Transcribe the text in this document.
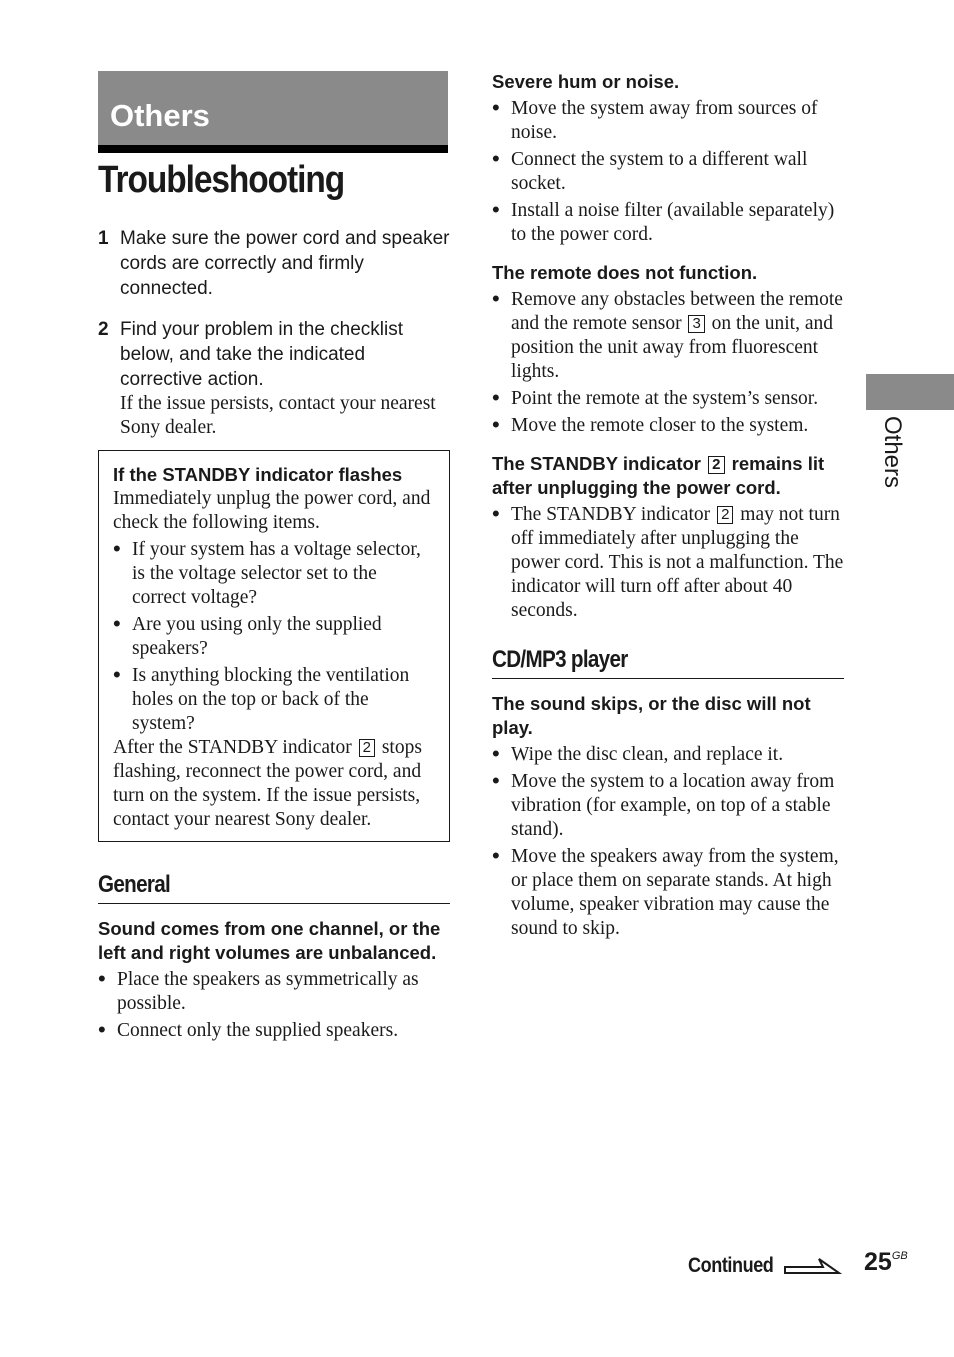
Others
Troubleshooting
1 Make sure the power cord and speaker cords are correctly and firmly connected.
2 Find your problem in the checklist below, and take the indicated corrective action.
If the issue persists, contact your nearest Sony dealer.
If the STANDBY indicator flashes
Immediately unplug the power cord, and check the following items.
• If your system has a voltage selector, is the voltage selector set to the correct voltage?
• Are you using only the supplied speakers?
• Is anything blocking the ventilation holes on the top or back of the system?
After the STANDBY indicator 2 stops flashing, reconnect the power cord, and turn on the system. If the issue persists, contact your nearest Sony dealer.
General
Sound comes from one channel, or the left and right volumes are unbalanced.
• Place the speakers as symmetrically as possible.
• Connect only the supplied speakers.
Severe hum or noise.
• Move the system away from sources of noise.
• Connect the system to a different wall socket.
• Install a noise filter (available separately) to the power cord.
The remote does not function.
• Remove any obstacles between the remote and the remote sensor 3 on the unit, and position the unit away from fluorescent lights.
• Point the remote at the system’s sensor.
• Move the remote closer to the system.
The STANDBY indicator 2 remains lit after unplugging the power cord.
• The STANDBY indicator 2 may not turn off immediately after unplugging the power cord. This is not a malfunction. The indicator will turn off after about 40 seconds.
CD/MP3 player
The sound skips, or the disc will not play.
• Wipe the disc clean, and replace it.
• Move the system to a location away from vibration (for example, on top of a stable stand).
• Move the speakers away from the system, or place them on separate stands. At high volume, speaker vibration may cause the sound to skip.
Others
Continued	$25^{GB}$
